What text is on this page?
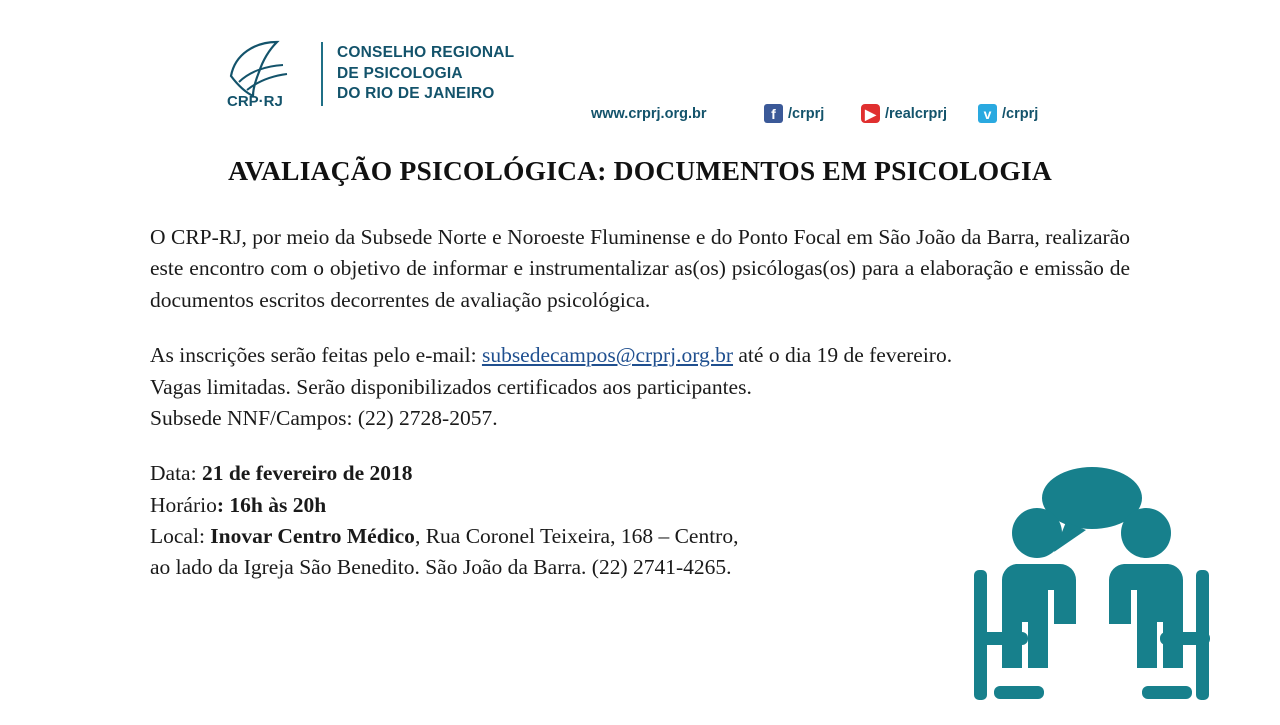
CRP·RJ
CONSELHO REGIONAL
DE PSICOLOGIA
DO RIO DE JANEIRO
www.crprj.org.br	f /crprj	▶ /realcrprj	ᴠ /crprj
AVALIAÇÃO PSICOLÓGICA: DOCUMENTOS EM PSICOLOGIA

O CRP-RJ, por meio da Subsede Norte e Noroeste Fluminense e do Ponto Focal em São João da Barra, realizarão este encontro com o objetivo de informar e instrumentalizar as(os) psicólogas(os) para a elaboração e emissão de documentos escritos decorrentes de avaliação psicológica.

As inscrições serão feitas pelo e-mail: subsedecampos@crprj.org.br até o dia 19 de fevereiro.

Vagas limitadas. Serão disponibilizados certificados aos participantes.

Subsede NNF/Campos: (22) 2728-2057.

Data: 21 de fevereiro de 2018

Horário: 16h às 20h

Local: Inovar Centro Médico, Rua Coronel Teixeira, 168 – Centro,

ao lado da Igreja São Benedito. São João da Barra. (22) 2741-4265.
